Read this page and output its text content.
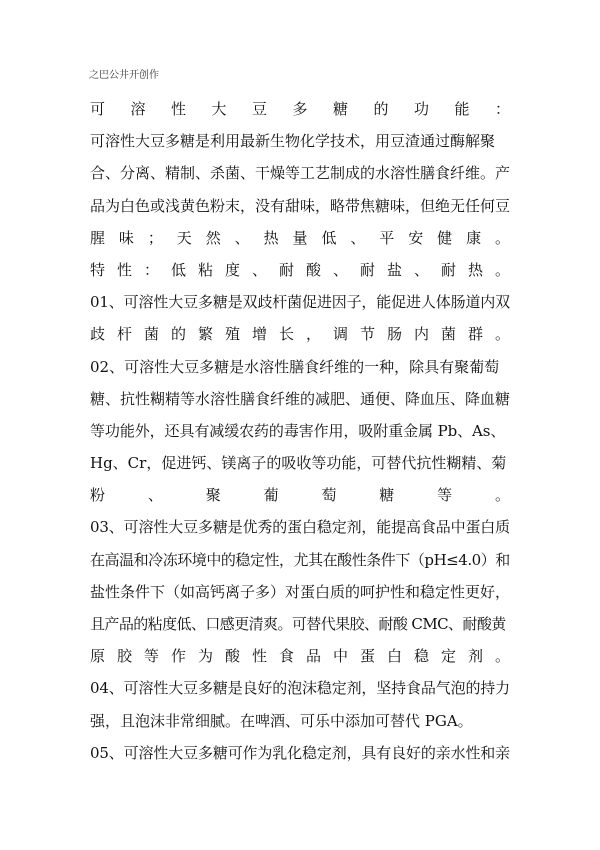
之巴公井开创作
可溶性大豆多糖的功能：
可溶性大豆多糖是利用最新生物化学技术，用豆渣通过酶解聚
合、分离、精制、杀菌、干燥等工艺制成的水溶性膳食纤维。产
品为白色或浅黄色粉末，没有甜味，略带焦糖味，但绝无任何豆
腥味；天然、热量低、平安健康。
特性：低粘度、耐酸、耐盐、耐热。
01、可溶性大豆多糖是双歧杆菌促进因子，能促进人体肠道内双
歧杆菌的繁殖增长，调节肠内菌群。
02、可溶性大豆多糖是水溶性膳食纤维的一种，除具有聚葡萄
糖、抗性糊精等水溶性膳食纤维的减肥、通便、降血压、降血糖
等功能外，还具有减缓农药的毒害作用，吸附重金属 Pb、As、
Hg、Cr，促进钙、镁离子的吸收等功能，可替代抗性糊精、菊
粉、聚葡萄糖等。
03、可溶性大豆多糖是优秀的蛋白稳定剂，能提高食品中蛋白质
在高温和冷冻环境中的稳定性，尤其在酸性条件下（pH≤4.0）和
盐性条件下（如高钙离子多）对蛋白质的呵护性和稳定性更好，
且产品的粘度低、口感更清爽。可替代果胶、耐酸 CMC、耐酸黄
原胶等作为酸性食品中蛋白稳定剂。
04、可溶性大豆多糖是良好的泡沫稳定剂，坚持食品气泡的持力
强，且泡沫非常细腻。在啤酒、可乐中添加可替代 PGA。
05、可溶性大豆多糖可作为乳化稳定剂，具有良好的亲水性和亲
